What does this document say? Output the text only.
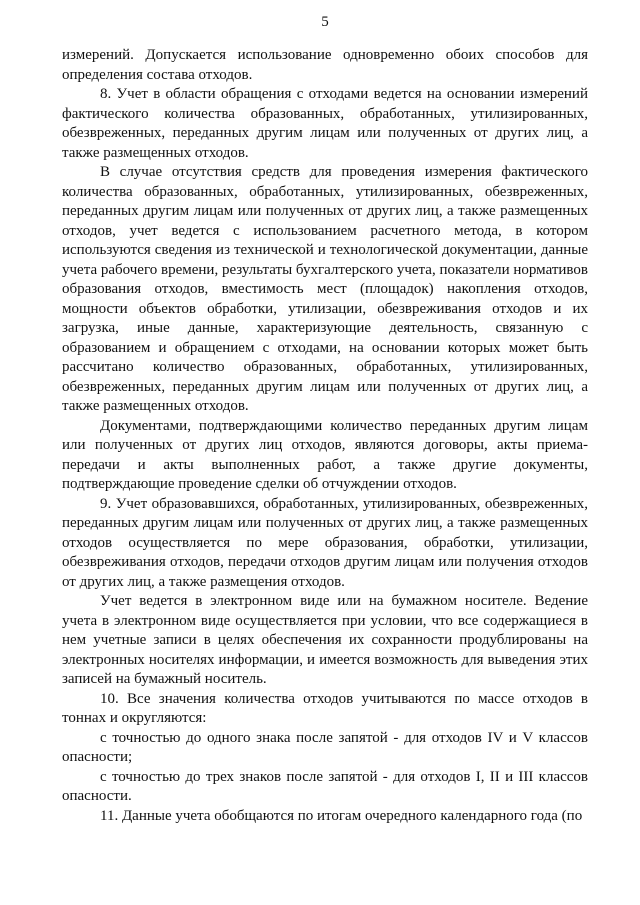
5

измерений. Допускается использование одновременно обоих способов для определения состава отходов.

8. Учет в области обращения с отходами ведется на основании измерений фактического количества образованных, обработанных, утилизированных, обезвреженных, переданных другим лицам или полученных от других лиц, а также размещенных отходов.

В случае отсутствия средств для проведения измерения фактического количества образованных, обработанных, утилизированных, обезвреженных, переданных другим лицам или полученных от других лиц, а также размещенных отходов, учет ведется с использованием расчетного метода, в котором используются сведения из технической и технологической документации, данные учета рабочего времени, результаты бухгалтерского учета, показатели нормативов образования отходов, вместимость мест (площадок) накопления отходов, мощности объектов обработки, утилизации, обезвреживания отходов и их загрузка, иные данные, характеризующие деятельность, связанную с образованием и обращением с отходами, на основании которых может быть рассчитано количество образованных, обработанных, утилизированных, обезвреженных, переданных другим лицам или полученных от других лиц, а также размещенных отходов.

Документами, подтверждающими количество переданных другим лицам или полученных от других лиц отходов, являются договоры, акты приема-передачи и акты выполненных работ, а также другие документы, подтверждающие проведение сделки об отчуждении отходов.

9. Учет образовавшихся, обработанных, утилизированных, обезвреженных, переданных другим лицам или полученных от других лиц, а также размещенных отходов осуществляется по мере образования, обработки, утилизации, обезвреживания отходов, передачи отходов другим лицам или получения отходов от других лиц, а также размещения отходов.

Учет ведется в электронном виде или на бумажном носителе. Ведение учета в электронном виде осуществляется при условии, что все содержащиеся в нем учетные записи в целях обеспечения их сохранности продублированы на электронных носителях информации, и имеется возможность для выведения этих записей на бумажный носитель.

10. Все значения количества отходов учитываются по массе отходов в тоннах и округляются:

с точностью до одного знака после запятой - для отходов IV и V классов опасности;

с точностью до трех знаков после запятой - для отходов I, II и III классов опасности.

11. Данные учета обобщаются по итогам очередного календарного года (по
